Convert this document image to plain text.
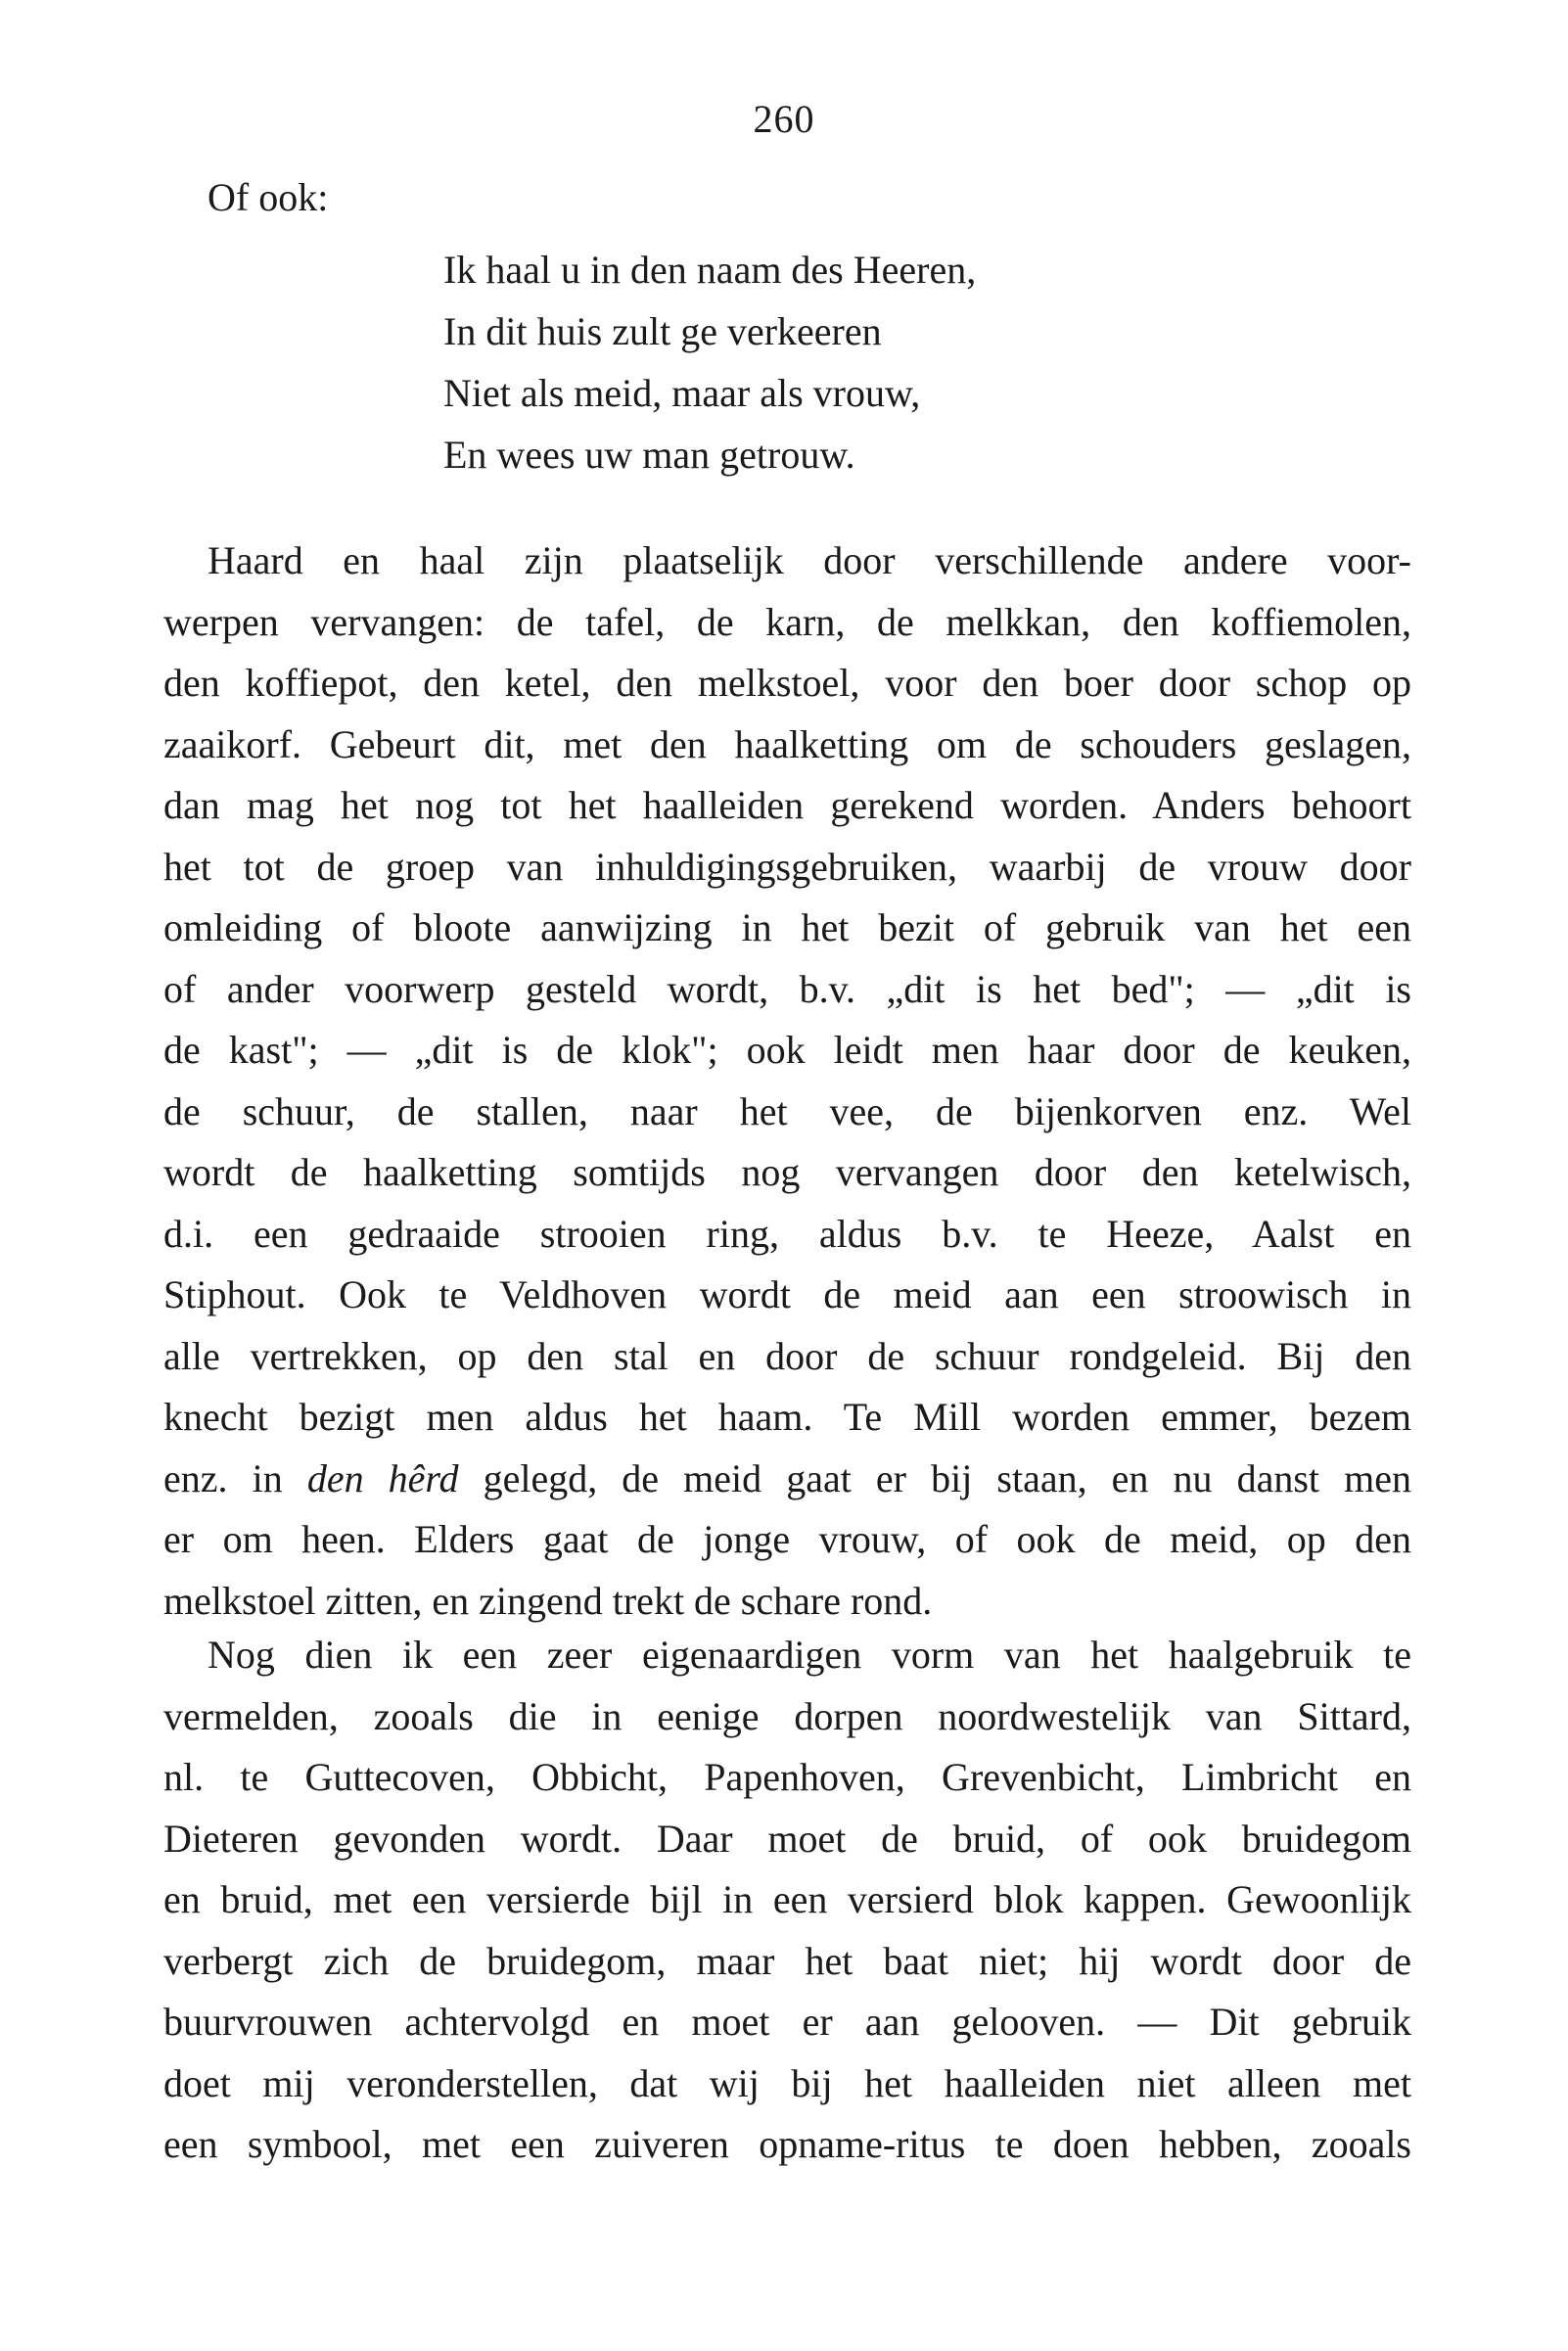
260
Of ook:
Ik haal u in den naam des Heeren,
In dit huis zult ge verkeeren
Niet als meid, maar als vrouw,
En wees uw man getrouw.
Haard en haal zijn plaatselijk door verschillende andere voor-
werpen vervangen: de tafel, de karn, de melkkan, den koffiemolen,
den koffiepot, den ketel, den melkstoel, voor den boer door schop op
zaaikorf. Gebeurt dit, met den haalketting om de schouders geslagen,
dan mag het nog tot het haalleiden gerekend worden. Anders behoort
het tot de groep van inhuldigingsgebruiken, waarbij de vrouw door
omleiding of bloote aanwijzing in het bezit of gebruik van het een
of ander voorwerp gesteld wordt, b.v. „dit is het bed"; — „dit is
de kast"; — „dit is de klok"; ook leidt men haar door de keuken,
de schuur, de stallen, naar het vee, de bijenkorven enz. Wel
wordt de haalketting somtijds nog vervangen door den ketelwisch,
d.i. een gedraaide strooien ring, aldus b.v. te Heeze, Aalst en
Stiphout. Ook te Veldhoven wordt de meid aan een stroowisch in
alle vertrekken, op den stal en door de schuur rondgeleid. Bij den
knecht bezigt men aldus het haam. Te Mill worden emmer, bezem
enz. in den hêrd gelegd, de meid gaat er bij staan, en nu danst men
er om heen. Elders gaat de jonge vrouw, of ook de meid, op den
melkstoel zitten, en zingend trekt de schare rond.
Nog dien ik een zeer eigenaardigen vorm van het haalgebruik te
vermelden, zooals die in eenige dorpen noordwestelijk van Sittard,
nl. te Guttecoven, Obbicht, Papenhoven, Grevenbicht, Limbricht en
Dieteren gevonden wordt. Daar moet de bruid, of ook bruidegom
en bruid, met een versierde bijl in een versierd blok kappen. Gewoonlijk
verbergt zich de bruidegom, maar het baat niet; hij wordt door de
buurvrouwen achtervolgd en moet er aan gelooven. — Dit gebruik
doet mij veronderstellen, dat wij bij het haalleiden niet alleen met
een symbool, met een zuiveren opname-ritus te doen hebben, zooals
